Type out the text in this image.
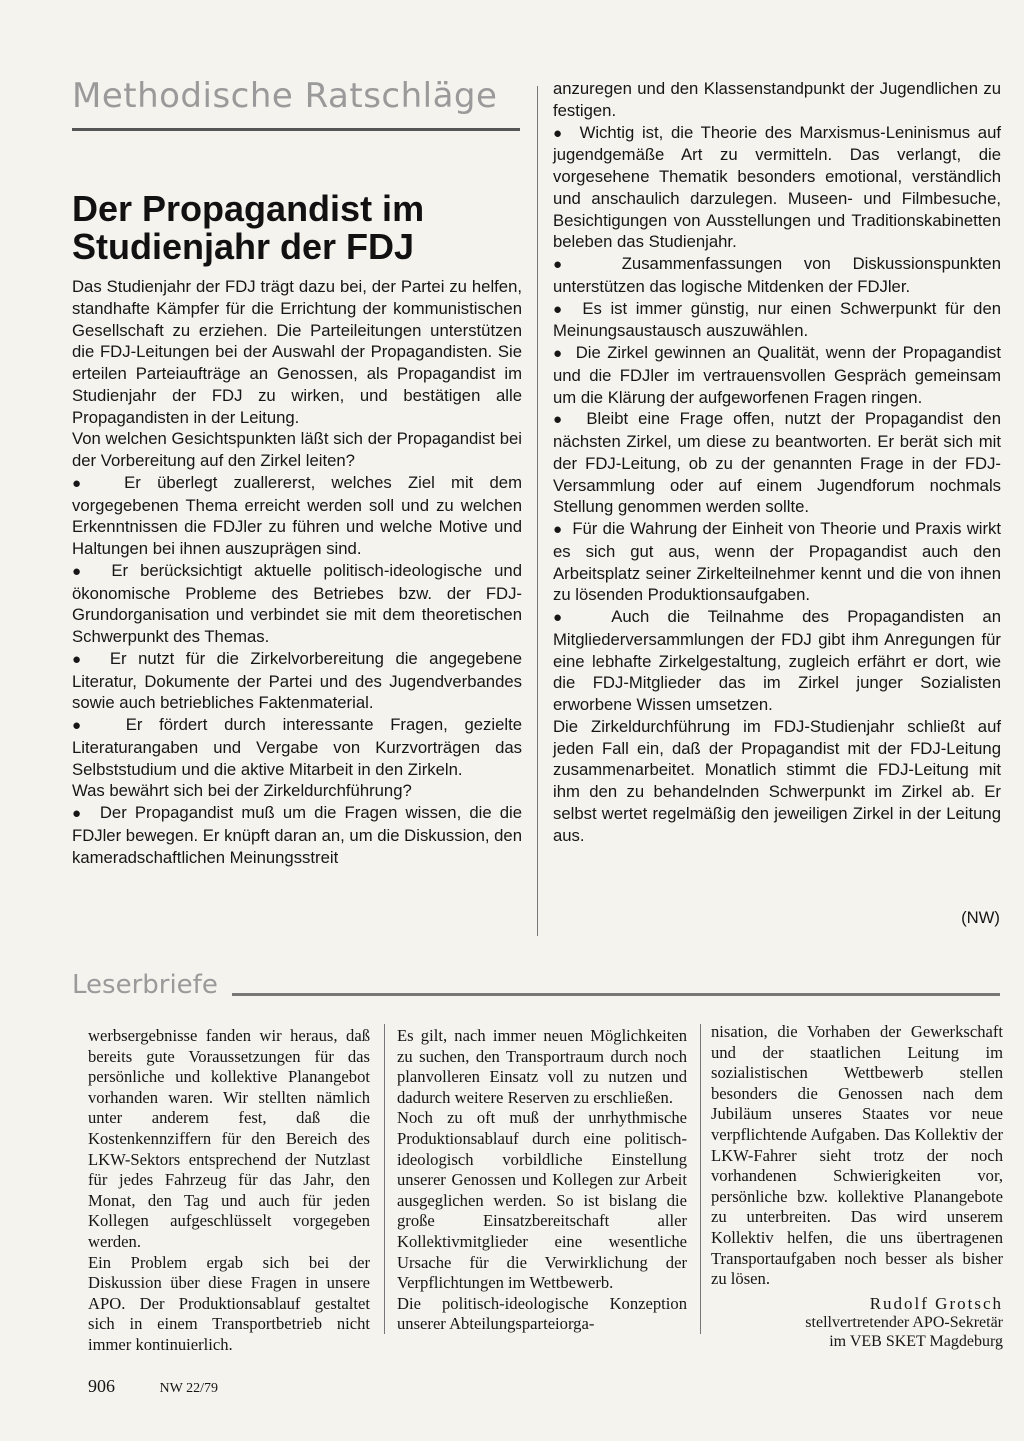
Methodische Ratschläge
Der Propagandist im Studienjahr der FDJ

Das Studienjahr der FDJ trägt dazu bei, der Partei zu helfen, standhafte Kämpfer für die Errichtung der kommunistischen Gesellschaft zu erziehen. Die Parteileitungen unterstützen die FDJ-Leitungen bei der Auswahl der Propagandisten. Sie erteilen Parteiaufträge an Genossen, als Propagandist im Studienjahr der FDJ zu wirken, und bestätigen alle Propagandisten in der Leitung.

Von welchen Gesichtspunkten läßt sich der Propagandist bei der Vorbereitung auf den Zirkel leiten?

●  Er überlegt zuallererst, welches Ziel mit dem vorgegebenen Thema erreicht werden soll und zu welchen Erkenntnissen die FDJler zu führen und welche Motive und Haltungen bei ihnen auszuprägen sind.

●  Er berücksichtigt aktuelle politisch-ideologische und ökonomische Probleme des Betriebes bzw. der FDJ-Grundorganisation und verbindet sie mit dem theoretischen Schwerpunkt des Themas.

●  Er nutzt für die Zirkelvorbereitung die angegebene Literatur, Dokumente der Partei und des Jugendverbandes sowie auch betriebliches Faktenmaterial.

●  Er fördert durch interessante Fragen, gezielte Literaturangaben und Vergabe von Kurzvorträgen das Selbststudium und die aktive Mitarbeit in den Zirkeln.

Was bewährt sich bei der Zirkeldurchführung?

●  Der Propagandist muß um die Fragen wissen, die die FDJler bewegen. Er knüpft daran an, um die Diskussion, den kameradschaftlichen Meinungsstreit

anzuregen und den Klassenstandpunkt der Jugendlichen zu festigen.

●  Wichtig ist, die Theorie des Marxismus-Leninismus auf jugendgemäße Art zu vermitteln. Das verlangt, die vorgesehene Thematik besonders emotional, verständlich und anschaulich darzulegen. Museen- und Filmbesuche, Besichtigungen von Ausstellungen und Traditionskabinetten beleben das Studienjahr.

●  Zusammenfassungen von Diskussionspunkten unterstützen das logische Mitdenken der FDJler.

●  Es ist immer günstig, nur einen Schwerpunkt für den Meinungsaustausch auszuwählen.

●  Die Zirkel gewinnen an Qualität, wenn der Propagandist und die FDJler im vertrauensvollen Gespräch gemeinsam um die Klärung der aufgeworfenen Fragen ringen.

●  Bleibt eine Frage offen, nutzt der Propagandist den nächsten Zirkel, um diese zu beantworten. Er berät sich mit der FDJ-Leitung, ob zu der genannten Frage in der FDJ-Versammlung oder auf einem Jugendforum nochmals Stellung genommen werden sollte.

●  Für die Wahrung der Einheit von Theorie und Praxis wirkt es sich gut aus, wenn der Propagandist auch den Arbeitsplatz seiner Zirkelteilnehmer kennt und die von ihnen zu lösenden Produktionsaufgaben.

●  Auch die Teilnahme des Propagandisten an Mitgliederversammlungen der FDJ gibt ihm Anregungen für eine lebhafte Zirkelgestaltung, zugleich erfährt er dort, wie die FDJ-Mitglieder das im Zirkel junger Sozialisten erworbene Wissen umsetzen.

Die Zirkeldurchführung im FDJ-Studienjahr schließt auf jeden Fall ein, daß der Propagandist mit der FDJ-Leitung zusammenarbeitet. Monatlich stimmt die FDJ-Leitung mit ihm den zu behandelnden Schwerpunkt im Zirkel ab. Er selbst wertet regelmäßig den jeweiligen Zirkel in der Leitung aus.

(NW)
Leserbriefe

werbsergebnisse fanden wir heraus, daß bereits gute Voraussetzungen für das persönliche und kollektive Planangebot vorhanden waren. Wir stellten nämlich unter anderem fest, daß die Kostenkennziffern für den Bereich des LKW-Sektors entsprechend der Nutzlast für jedes Fahrzeug für das Jahr, den Monat, den Tag und auch für jeden Kollegen aufgeschlüsselt vorgegeben werden.

Ein Problem ergab sich bei der Diskussion über diese Fragen in unsere APO. Der Produktionsablauf gestaltet sich in einem Transportbetrieb nicht immer kontinuierlich.

Es gilt, nach immer neuen Möglichkeiten zu suchen, den Transportraum durch noch planvolleren Einsatz voll zu nutzen und dadurch weitere Reserven zu erschließen.

Noch zu oft muß der unrhythmische Produktionsablauf durch eine politisch-ideologisch vorbildliche Einstellung unserer Genossen und Kollegen zur Arbeit ausgeglichen werden. So ist bislang die große Einsatzbereitschaft aller Kollektivmitglieder eine wesentliche Ursache für die Verwirklichung der Verpflichtungen im Wettbewerb.

Die politisch-ideologische Konzeption unserer Abteilungsparteiorga-

nisation, die Vorhaben der Gewerkschaft und der staatlichen Leitung im sozialistischen Wettbewerb stellen besonders die Genossen nach dem Jubiläum unseres Staates vor neue verpflichtende Aufgaben. Das Kollektiv der LKW-Fahrer sieht trotz der noch vorhandenen Schwierigkeiten vor, persönliche bzw. kollektive Planangebote zu unterbreiten. Das wird unserem Kollektiv helfen, die uns übertragenen Transportaufgaben noch besser als bisher zu lösen.

Rudolf Grotsch
stellvertretender APO-Sekretär
im VEB SKET Magdeburg
906	NW 22/79
